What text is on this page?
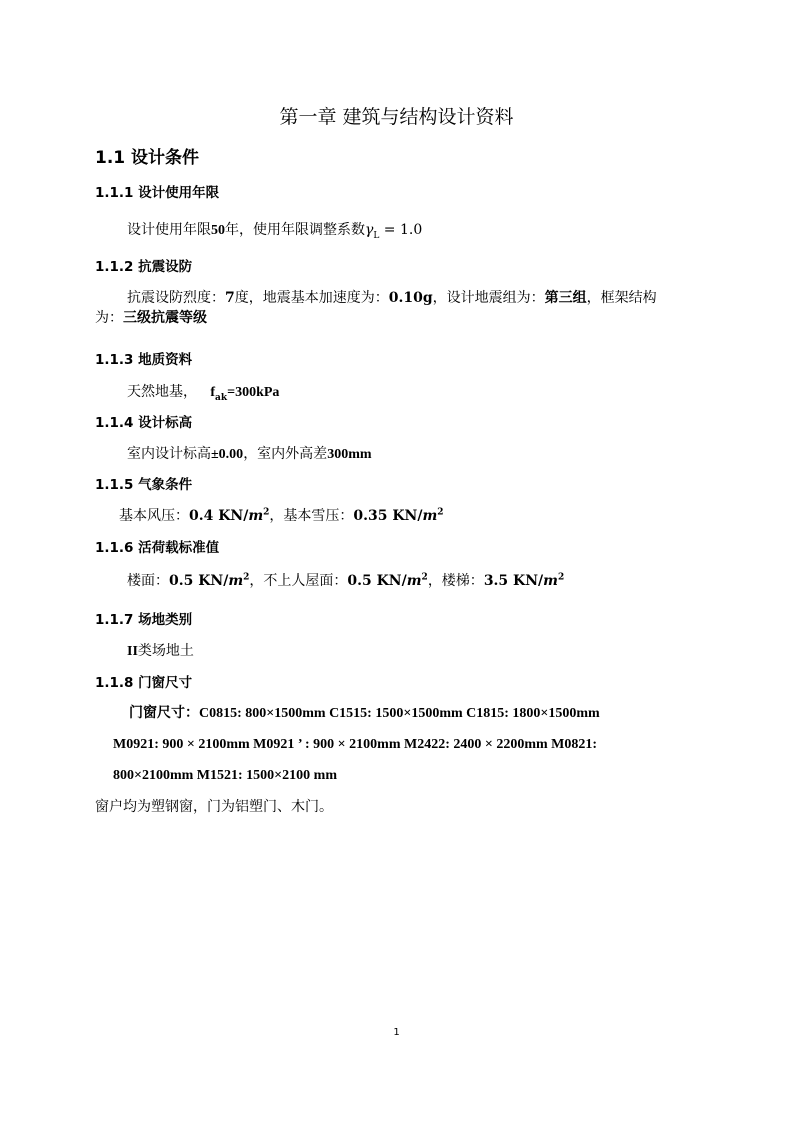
第一章 建筑与结构设计资料
1.1 设计条件
1.1.1 设计使用年限
设计使用年限50年，使用年限调整系数$\gamma_L = 1.0$
1.1.2 抗震设防
抗震设防烈度：7度，地震基本加速度为：0.10g，设计地震组为：第三组，框架结构
为：三级抗震等级
1.1.3 地质资料
天然地基，   $f_{ak}=300kPa$
1.1.4 设计标高
室内设计标高±0.00，室内外高差300mm
1.1.5 气象条件
基本风压：0.4 $KN/m^2$，基本雪压：0.35 $KN/m^2$
1.1.6 活荷载标准值
楼面：0.5 $KN/m^2$，不上人屋面：0.5 $KN/m^2$，楼梯：3.5 $KN/m^2$
1.1.7 场地类别
II类场地土
1.1.8 门窗尺寸
门窗尺寸：C0815: 800×1500mm C1515: 1500×1500mm C1815: 1800×1500mm
M0921: 900 × 2100mm M0921 ’ : 900 × 2100mm M2422: 2400 × 2200mm M0821:
800×2100mm M1521: 1500×2100 mm
窗户均为塑钢窗，门为铝塑门、木门。
1
